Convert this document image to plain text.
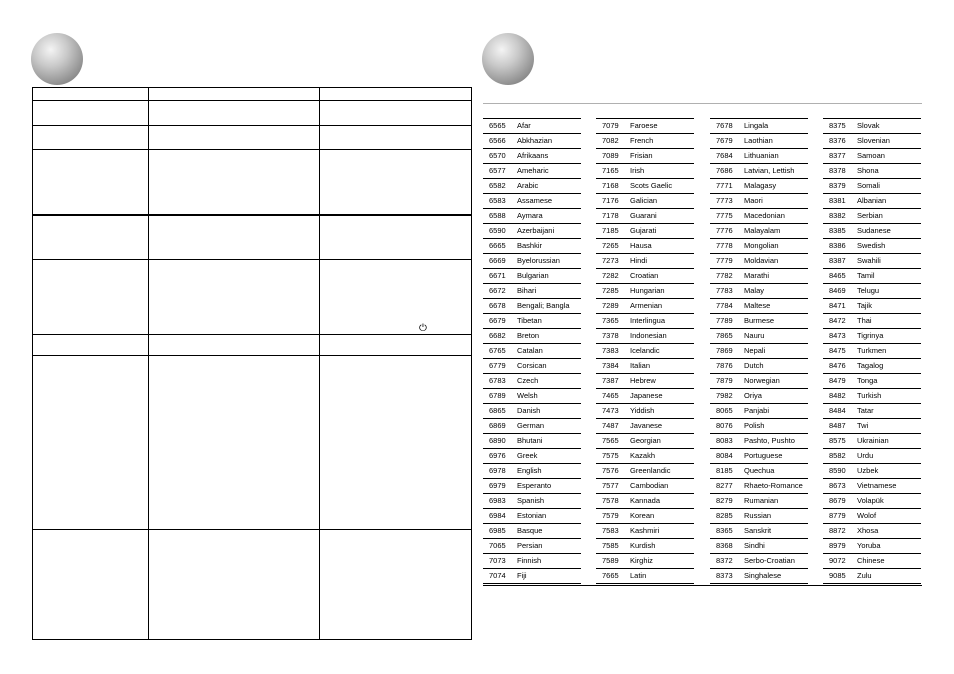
⏻
6565 Afar
6566 Abkhazian
6570 Afrikaans
6577 Ameharic
6582 Arabic
6583 Assamese
6588 Aymara
6590 Azerbaijani
6665 Bashkir
6669 Byelorussian
6671 Bulgarian
6672 Bihari
6678 Bengali; Bangla
6679 Tibetan
6682 Breton
6765 Catalan
6779 Corsican
6783 Czech
6789 Welsh
6865 Danish
6869 German
6890 Bhutani
6976 Greek
6978 English
6979 Esperanto
6983 Spanish
6984 Estonian
6985 Basque
7065 Persian
7073 Finnish
7074 Fiji
7079 Faroese
7082 French
7089 Frisian
7165 Irish
7168 Scots Gaelic
7176 Galician
7178 Guarani
7185 Gujarati
7265 Hausa
7273 Hindi
7282 Croatian
7285 Hungarian
7289 Armenian
7365 Interlingua
7378 Indonesian
7383 Icelandic
7384 Italian
7387 Hebrew
7465 Japanese
7473 Yiddish
7487 Javanese
7565 Georgian
7575 Kazakh
7576 Greenlandic
7577 Cambodian
7578 Kannada
7579 Korean
7583 Kashmiri
7585 Kurdish
7589 Kirghiz
7665 Latin
7678 Lingala
7679 Laothian
7684 Lithuanian
7686 Latvian, Lettish
7771 Malagasy
7773 Maori
7775 Macedonian
7776 Malayalam
7778 Mongolian
7779 Moldavian
7782 Marathi
7783 Malay
7784 Maltese
7789 Burmese
7865 Nauru
7869 Nepali
7876 Dutch
7879 Norwegian
7982 Oriya
8065 Panjabi
8076 Polish
8083 Pashto, Pushto
8084 Portuguese
8185 Quechua
8277 Rhaeto-Romance
8279 Rumanian
8285 Russian
8365 Sanskrit
8368 Sindhi
8372 Serbo-Croatian
8373 Singhalese
8375 Slovak
8376 Slovenian
8377 Samoan
8378 Shona
8379 Somali
8381 Albanian
8382 Serbian
8385 Sudanese
8386 Swedish
8387 Swahili
8465 Tamil
8469 Telugu
8471 Tajik
8472 Thai
8473 Tigrinya
8475 Turkmen
8476 Tagalog
8479 Tonga
8482 Turkish
8484 Tatar
8487 Twi
8575 Ukrainian
8582 Urdu
8590 Uzbek
8673 Vietnamese
8679 Volapük
8779 Wolof
8872 Xhosa
8979 Yoruba
9072 Chinese
9085 Zulu
